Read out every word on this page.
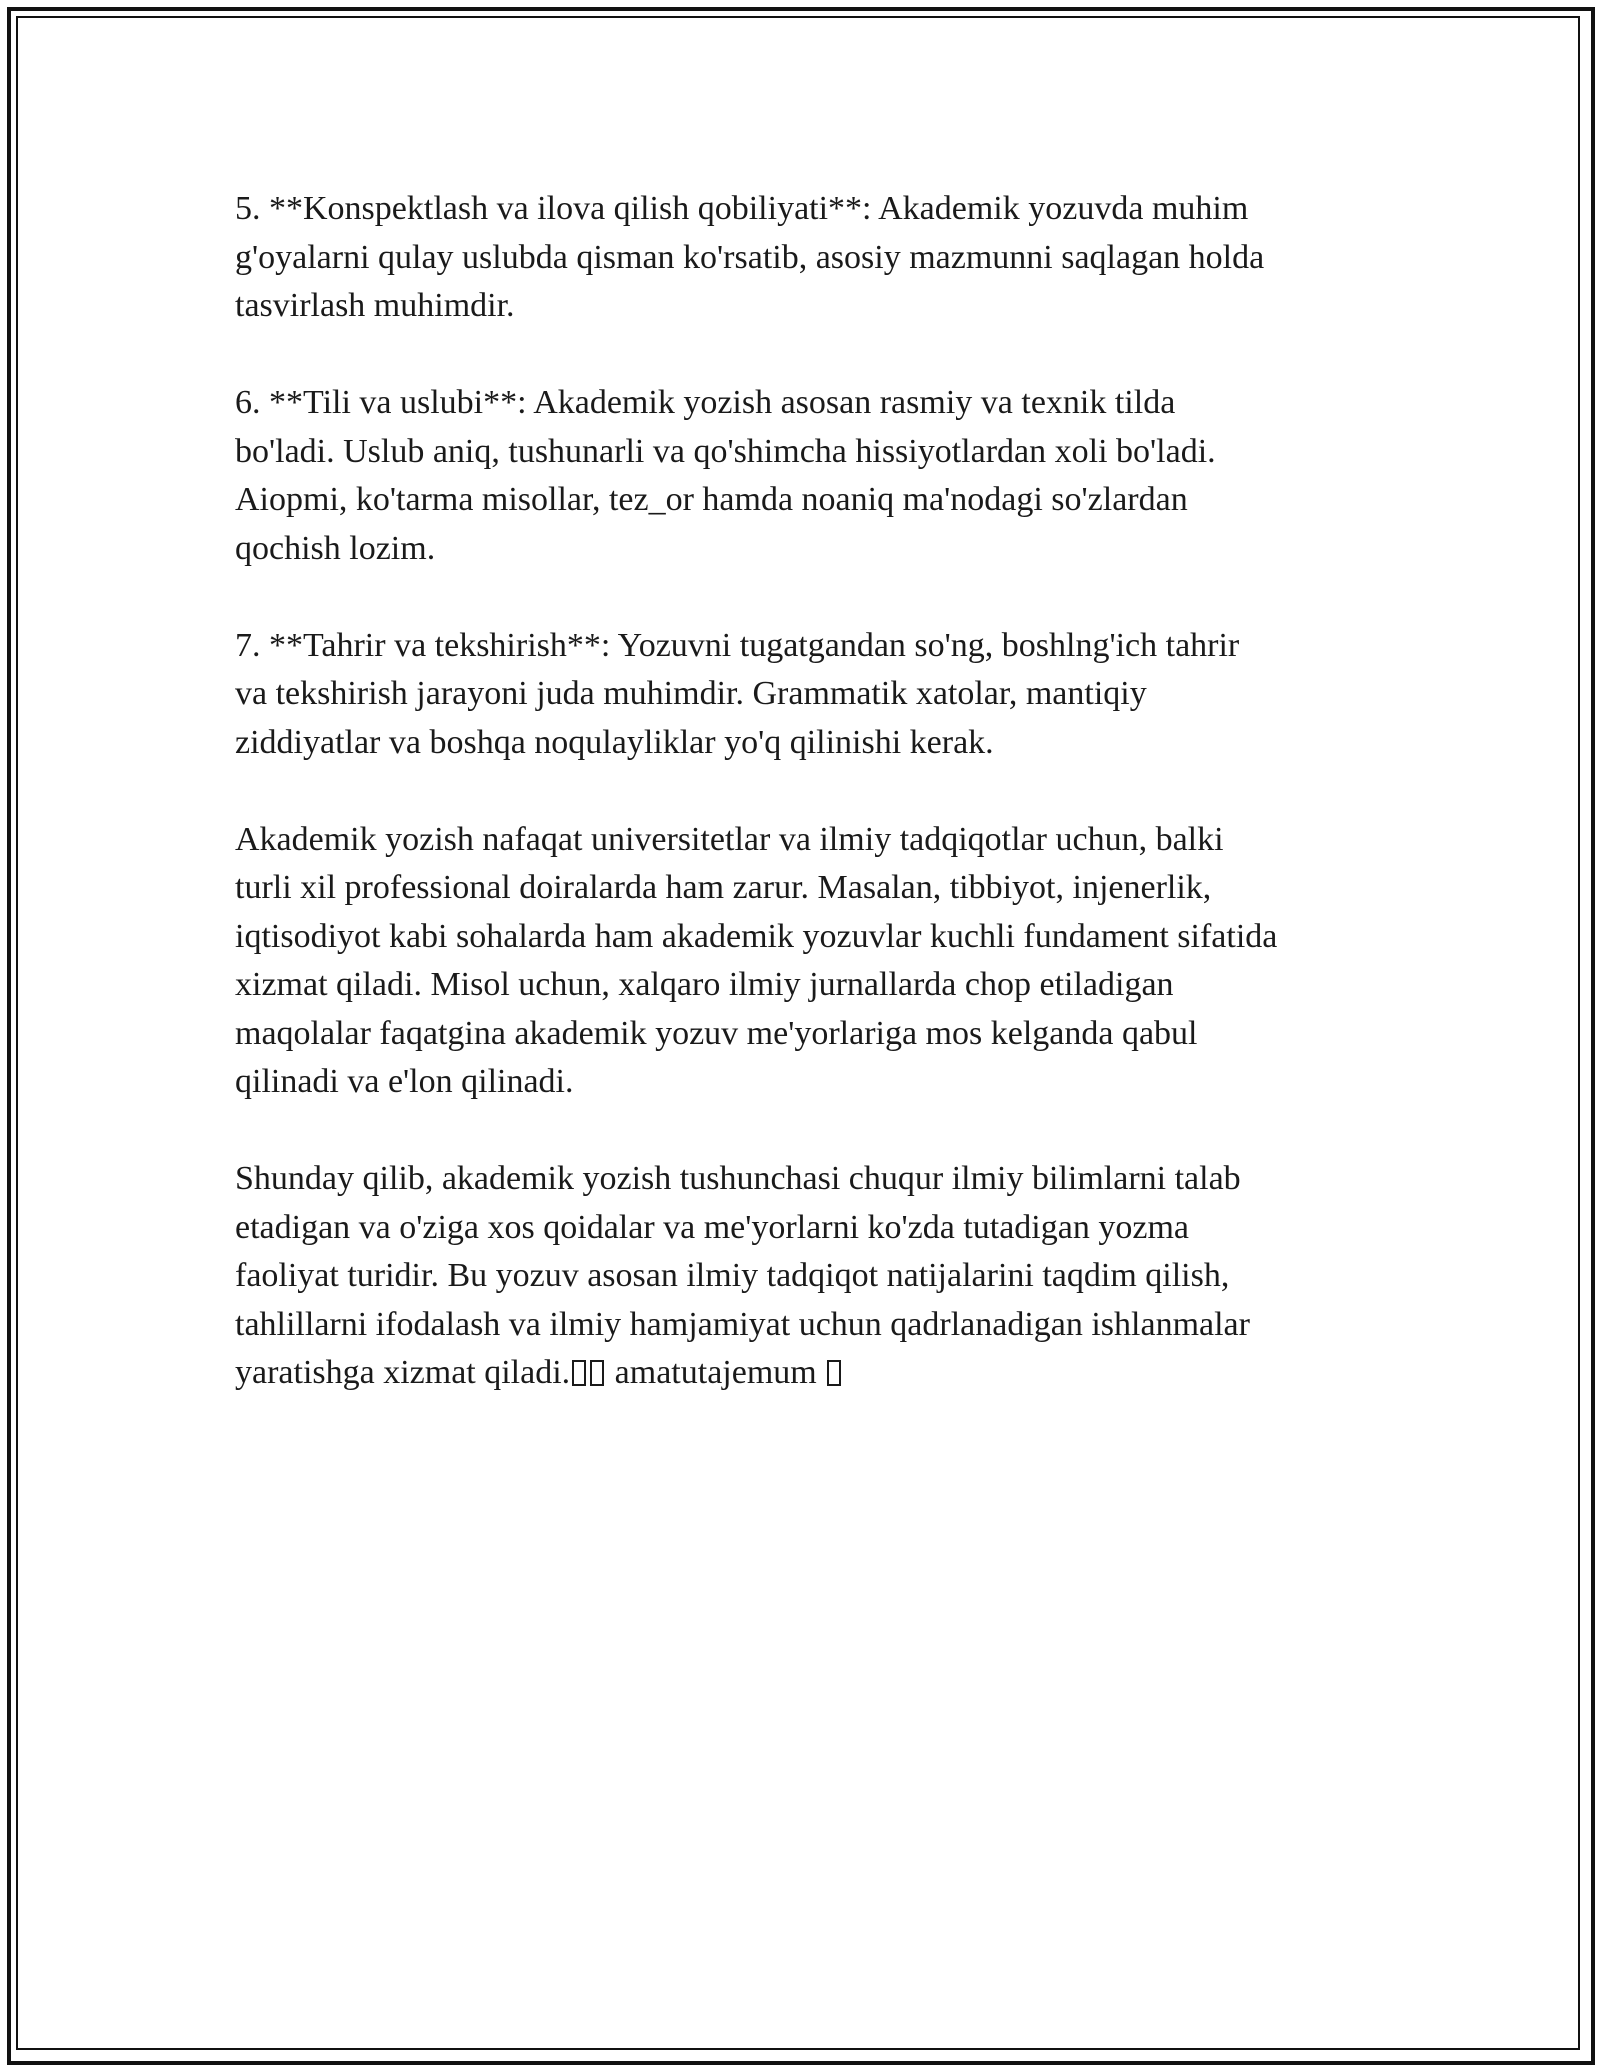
5. **Konspektlash va ilova qilish qobiliyati**: Akademik yozuvda muhim
g'oyalarni qulay uslubda qisman ko'rsatib, asosiy mazmunni saqlagan holda
tasvirlash muhimdir.

6. **Tili va uslubi**: Akademik yozish asosan rasmiy va texnik tilda
bo'ladi. Uslub aniq, tushunarli va qo'shimcha hissiyotlardan xoli bo'ladi.
Aiopmi, ko'tarma misollar, tez_or hamda noaniq ma'nodagi so'zlardan
qochish lozim.

7. **Tahrir va tekshirish**: Yozuvni tugatgandan so'ng, boshlng'ich tahrir
va tekshirish jarayoni juda muhimdir. Grammatik xatolar, mantiqiy
ziddiyatlar va boshqa noqulayliklar yo'q qilinishi kerak.

Akademik yozish nafaqat universitetlar va ilmiy tadqiqotlar uchun, balki
turli xil professional doiralarda ham zarur. Masalan, tibbiyot, injenerlik,
iqtisodiyot kabi sohalarda ham akademik yozuvlar kuchli fundament sifatida
xizmat qiladi. Misol uchun, xalqaro ilmiy jurnallarda chop etiladigan
maqolalar faqatgina akademik yozuv me'yorlariga mos kelganda qabul
qilinadi va e'lon qilinadi.

Shunday qilib, akademik yozish tushunchasi chuqur ilmiy bilimlarni talab
etadigan va o'ziga xos qoidalar va me'yorlarni ko'zda tutadigan yozma
faoliyat turidir. Bu yozuv asosan ilmiy tadqiqot natijalarini taqdim qilish,
tahlillarni ifodalash va ilmiy hamjamiyat uchun qadrlanadigan ishlanmalar
yaratishga xizmat qiladi. amatutajemum
